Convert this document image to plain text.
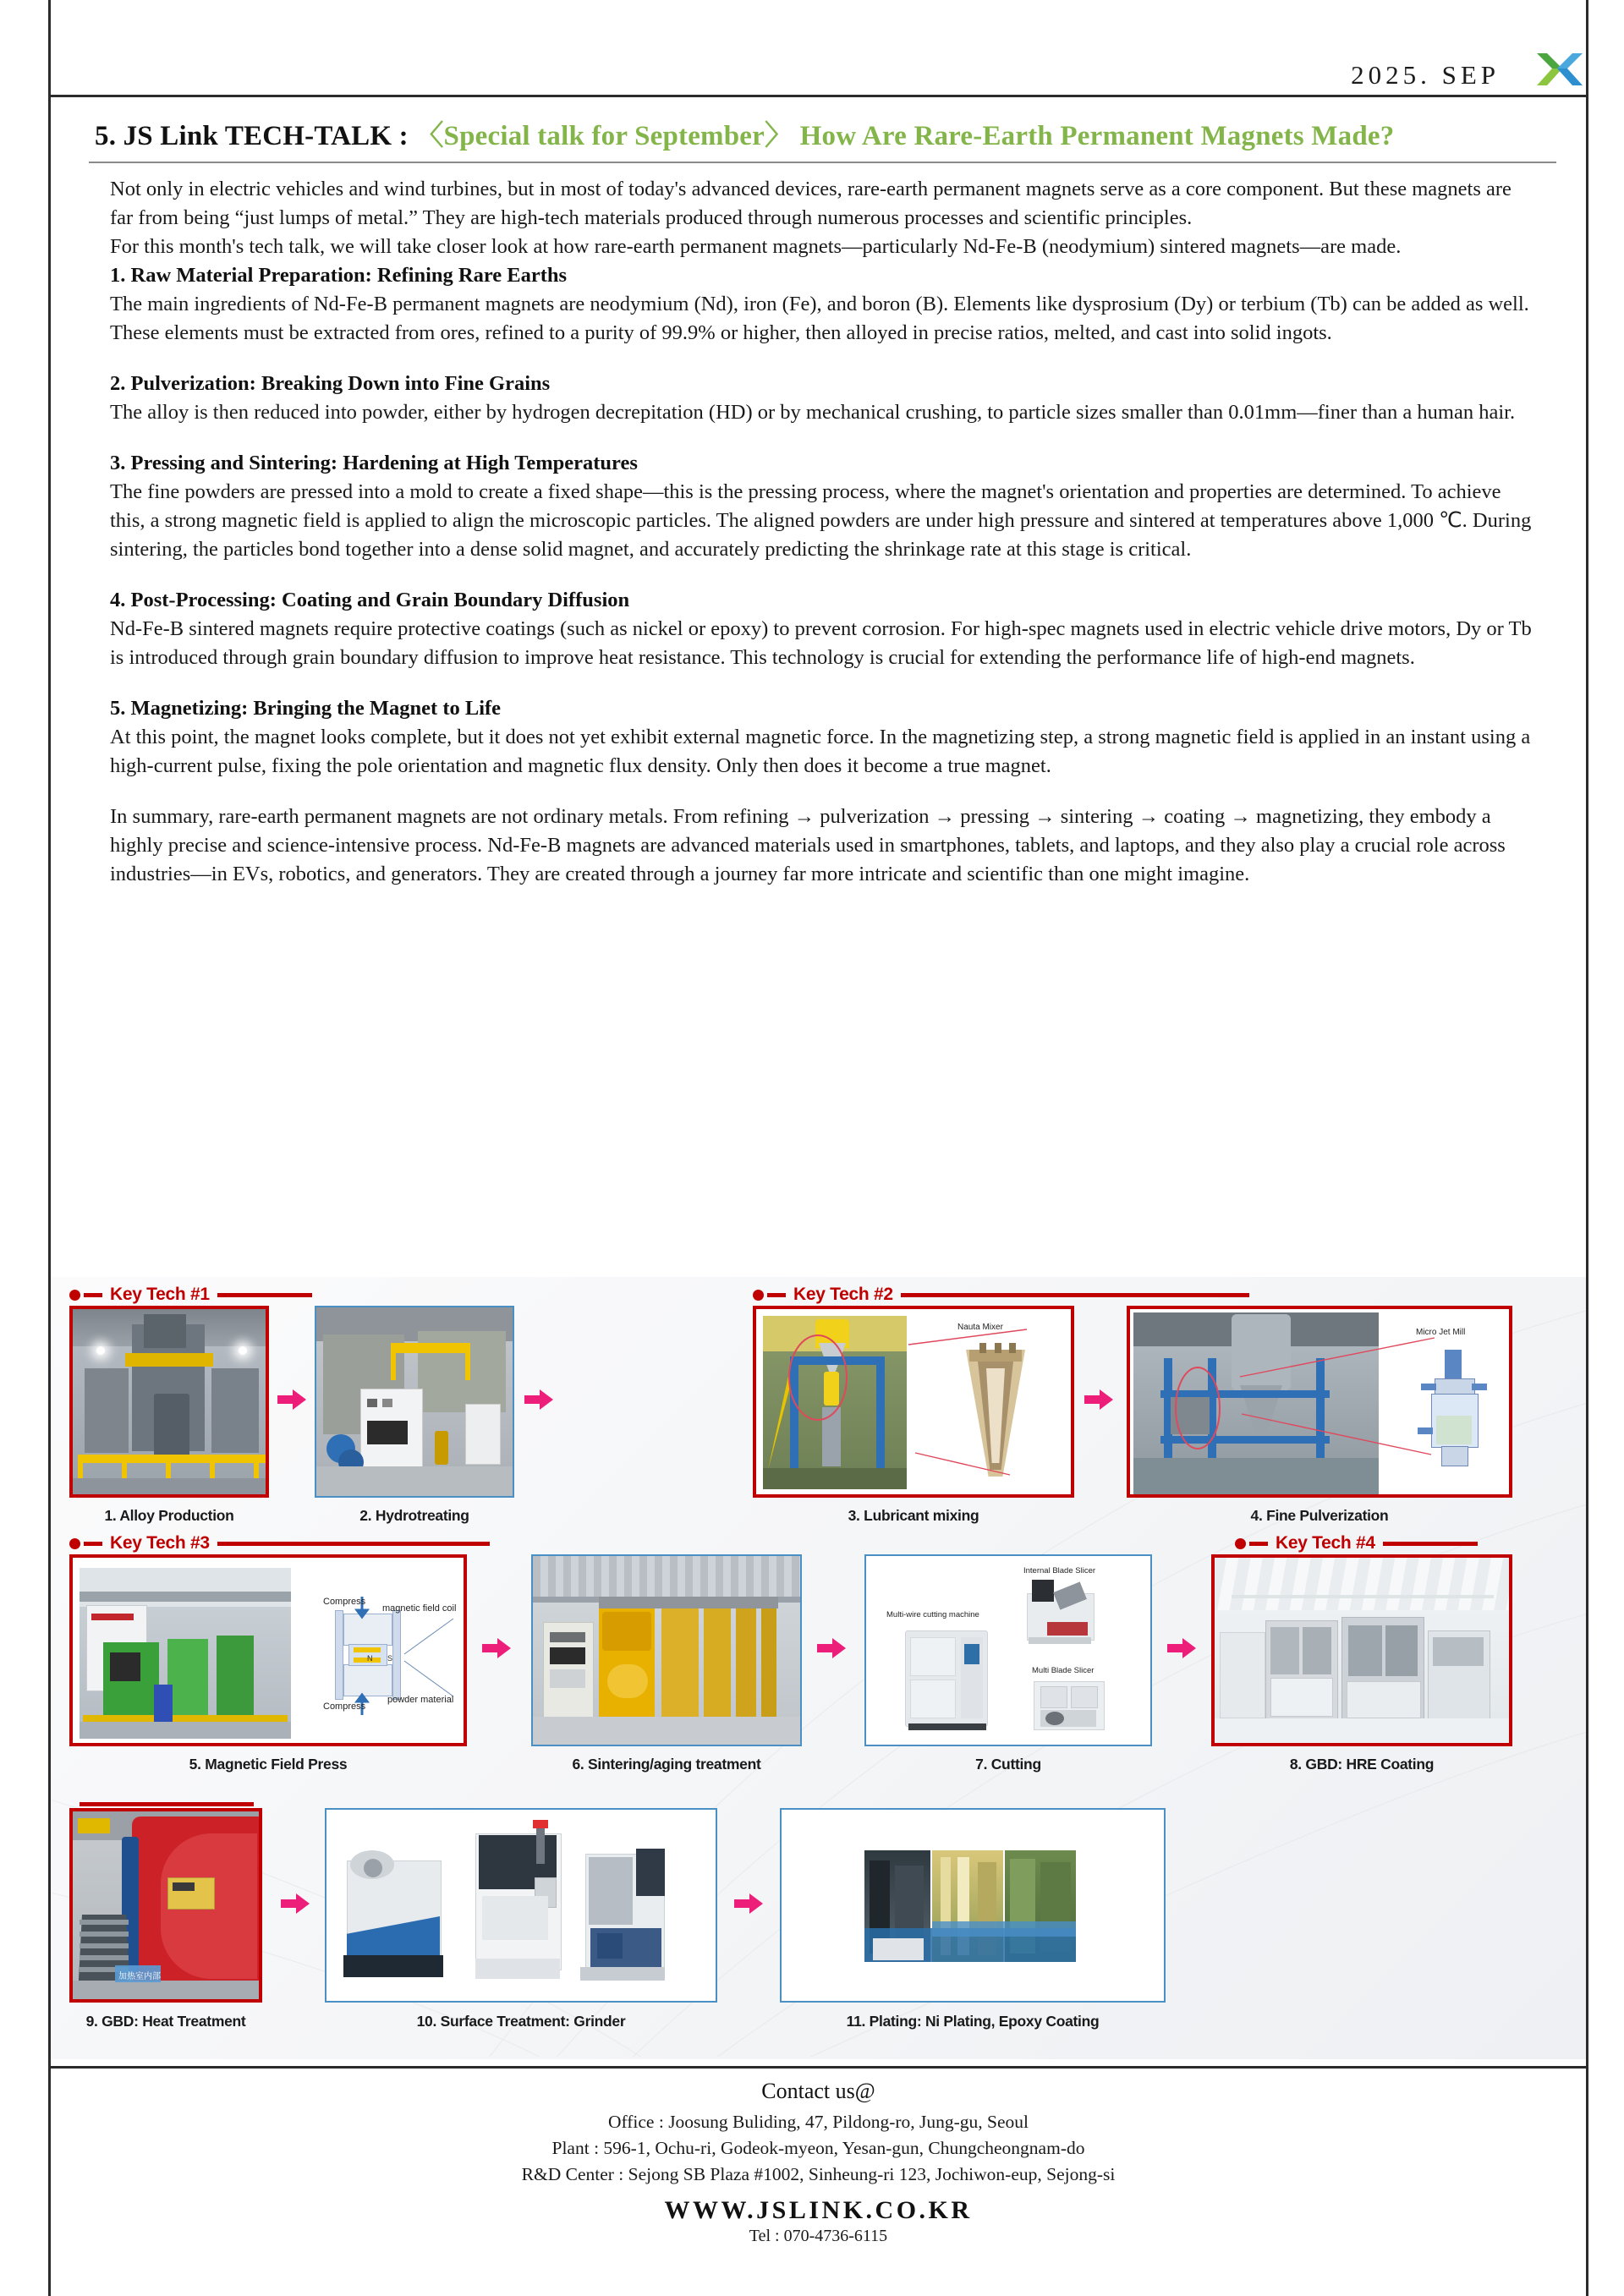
2025. SEP
5. JS Link TECH-TALK : 〈Special talk for September〉 How Are Rare-Earth Permanent Magnets Made?

Not only in electric vehicles and wind turbines, but in most of today's advanced devices, rare-earth permanent magnets serve as a core component. But these magnets are far from being “just lumps of metal.” They are high-tech materials produced through numerous processes and scientific principles.

For this month's tech talk, we will take closer look at how rare-earth permanent magnets—particularly Nd-Fe-B (neodymium) sintered magnets—are made.

1. Raw Material Preparation: Refining Rare Earths

The main ingredients of Nd-Fe-B permanent magnets are neodymium (Nd), iron (Fe), and boron (B). Elements like dysprosium (Dy) or terbium (Tb) can be added as well. These elements must be extracted from ores, refined to a purity of 99.9% or higher, then alloyed in precise ratios, melted, and cast into solid ingots.

2. Pulverization: Breaking Down into Fine Grains

The alloy is then reduced into powder, either by hydrogen decrepitation (HD) or by mechanical crushing, to particle sizes smaller than 0.01mm—finer than a human hair.

3. Pressing and Sintering: Hardening at High Temperatures

The fine powders are pressed into a mold to create a fixed shape—this is the pressing process, where the magnet's orientation and properties are determined. To achieve this, a strong magnetic field is applied to align the microscopic particles. The aligned powders are under high pressure and sintered at temperatures above 1,000 ℃. During sintering, the particles bond together into a dense solid magnet, and accurately predicting the shrinkage rate at this stage is critical.

4. Post-Processing: Coating and Grain Boundary Diffusion

Nd-Fe-B sintered magnets require protective coatings (such as nickel or epoxy) to prevent corrosion. For high-spec magnets used in electric vehicle drive motors, Dy or Tb is introduced through grain boundary diffusion to improve heat resistance. This technology is crucial for extending the performance life of high-end magnets.

5. Magnetizing: Bringing the Magnet to Life

At this point, the magnet looks complete, but it does not yet exhibit external magnetic force. In the magnetizing step, a strong magnetic field is applied in an instant using a high-current pulse, fixing the pole orientation and magnetic flux density. Only then does it become a true magnet.

In summary, rare-earth permanent magnets are not ordinary metals. From refining → pulverization → pressing → sintering → coating → magnetizing, they embody a highly precise and science-intensive process. Nd-Fe-B magnets are advanced materials used in smartphones, tablets, and laptops, and they also play a crucial role across industries—in EVs, robotics, and generators. They are created through a journey far more intricate and scientific than one might imagine.

Key Tech #1	Key Tech #2
Key Tech #3	Key Tech #4
1. Alloy Production	2. Hydrotreating
Nauta Mixer
3. Lubricant mixing
Micro Jet Mill
4. Fine Pulverization
N S
Compress
Compress
magnetic field coil
powder material
5. Magnetic Field Press	6. Sintering/aging treatment
Internal Blade Slicer
Multi-wire cutting machine
Multi Blade Slicer
7. Cutting	8. GBD: HRE Coating
加热室内部
9. GBD: Heat Treatment	10. Surface Treatment: Grinder	11. Plating: Ni Plating, Epoxy Coating
Contact us@
Office : Joosung Buliding, 47, Pildong-ro, Jung-gu, Seoul
Plant : 596-1, Ochu-ri, Godeok-myeon, Yesan-gun, Chungcheongnam-do
R&D Center : Sejong SB Plaza #1002, Sinheung-ri 123, Jochiwon-eup, Sejong-si
WWW.JSLINK.CO.KR
Tel : 070-4736-6115
